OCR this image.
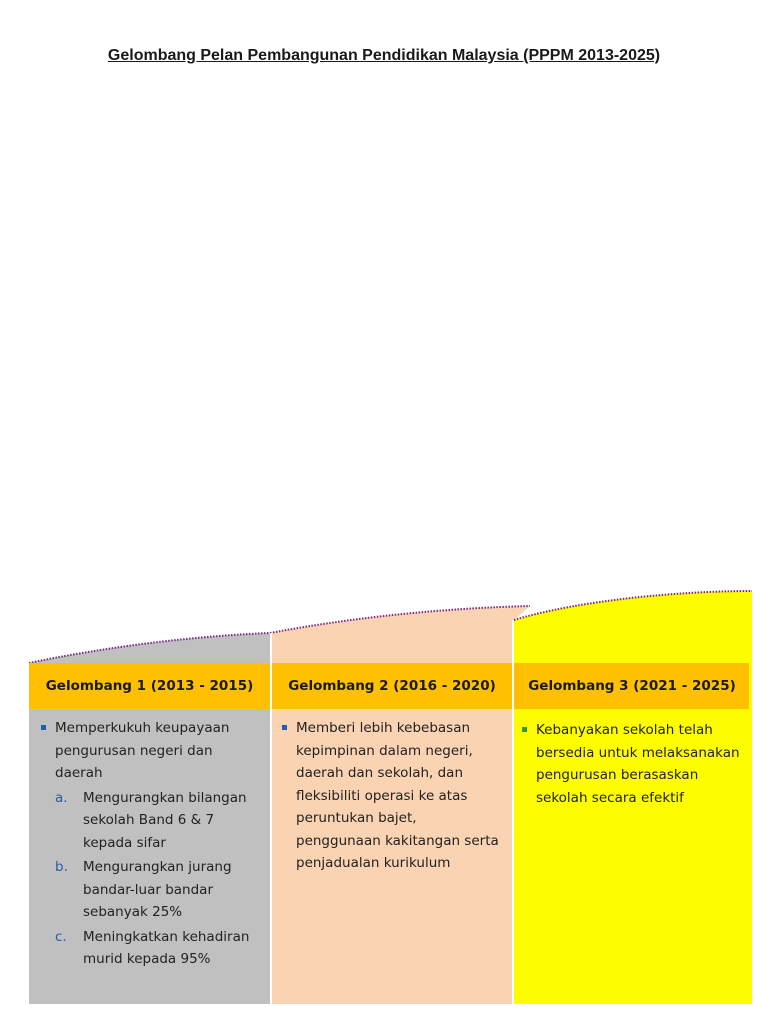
Gelombang Pelan Pembangunan Pendidikan Malaysia (PPPM 2013-2025)
Gelombang 1 (2013 - 2015)	Gelombang 2 (2016 - 2020)	Gelombang 3 (2021 - 2025)
Memperkukuh keupayaan pengurusan negeri dan daerah
a. Mengurangkan bilangan sekolah Band 6 & 7 kepada sifar
b. Mengurangkan jurang bandar-luar bandar sebanyak 25%
c. Meningkatkan kehadiran murid kepada 95%
Memberi lebih kebebasan kepimpinan dalam negeri, daerah dan sekolah, dan fleksibiliti operasi ke atas peruntukan bajet, penggunaan kakitangan serta penjadualan kurikulum
Kebanyakan sekolah telah bersedia untuk melaksanakan pengurusan berasaskan sekolah secara efektif
